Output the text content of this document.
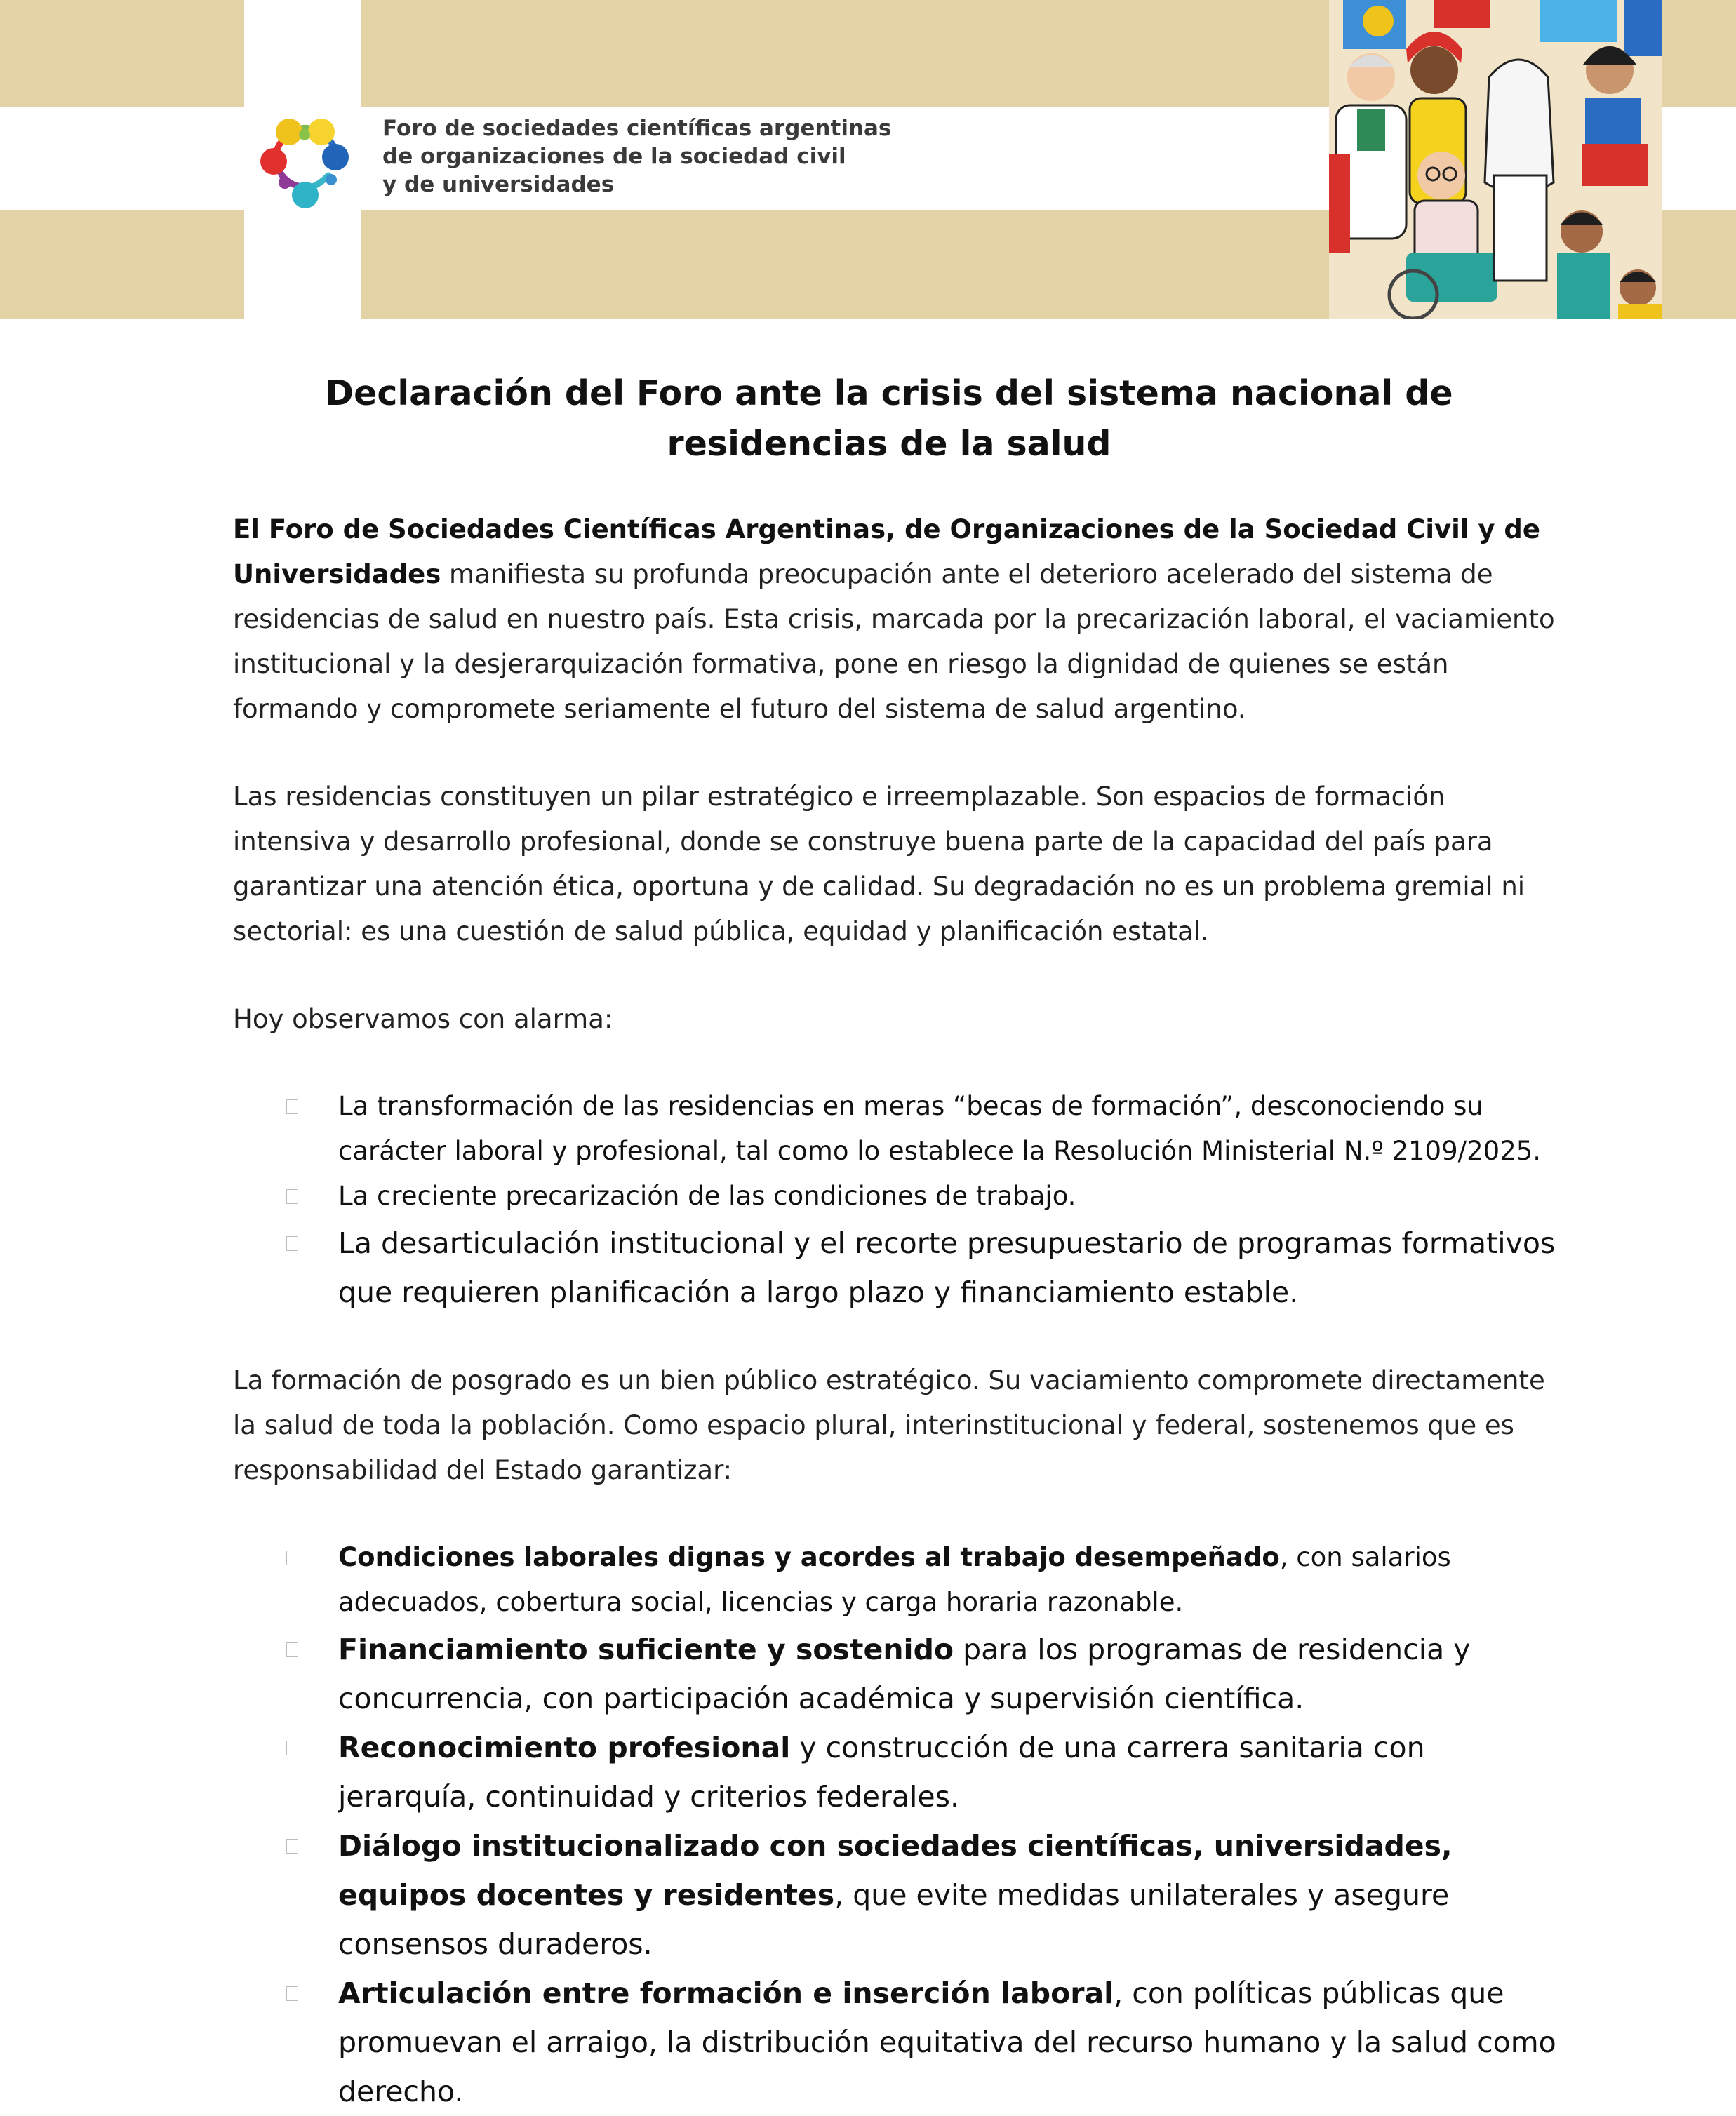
Foro de sociedades científicas argentinas
de organizaciones de la sociedad civil
y de universidades
Declaración del Foro ante la crisis del sistema nacional de residencias de la salud

El Foro de Sociedades Científicas Argentinas, de Organizaciones de la Sociedad Civil y de Universidades manifiesta su profunda preocupación ante el deterioro acelerado del sistema de residencias de salud en nuestro país. Esta crisis, marcada por la precarización laboral, el vaciamiento institucional y la desjerarquización formativa, pone en riesgo la dignidad de quienes se están formando y compromete seriamente el futuro del sistema de salud argentino.

Las residencias constituyen un pilar estratégico e irreemplazable. Son espacios de formación intensiva y desarrollo profesional, donde se construye buena parte de la capacidad del país para garantizar una atención ética, oportuna y de calidad. Su degradación no es un problema gremial ni sectorial: es una cuestión de salud pública, equidad y planificación estatal.

Hoy observamos con alarma:

La transformación de las residencias en meras “becas de formación”, desconociendo su carácter laboral y profesional, tal como lo establece la Resolución Ministerial N.º 2109/2025.
La creciente precarización de las condiciones de trabajo.
La desarticulación institucional y el recorte presupuestario de programas formativos que requieren planificación a largo plazo y financiamiento estable.

La formación de posgrado es un bien público estratégico. Su vaciamiento compromete directamente la salud de toda la población. Como espacio plural, interinstitucional y federal, sostenemos que es responsabilidad del Estado garantizar:

Condiciones laborales dignas y acordes al trabajo desempeñado, con salarios adecuados, cobertura social, licencias y carga horaria razonable.
Financiamiento suficiente y sostenido para los programas de residencia y concurrencia, con participación académica y supervisión científica.
Reconocimiento profesional y construcción de una carrera sanitaria con jerarquía, continuidad y criterios federales.
Diálogo institucionalizado con sociedades científicas, universidades, equipos docentes y residentes, que evite medidas unilaterales y asegure consensos duraderos.
Articulación entre formación e inserción laboral, con políticas públicas que promuevan el arraigo, la distribución equitativa del recurso humano y la salud como derecho.
